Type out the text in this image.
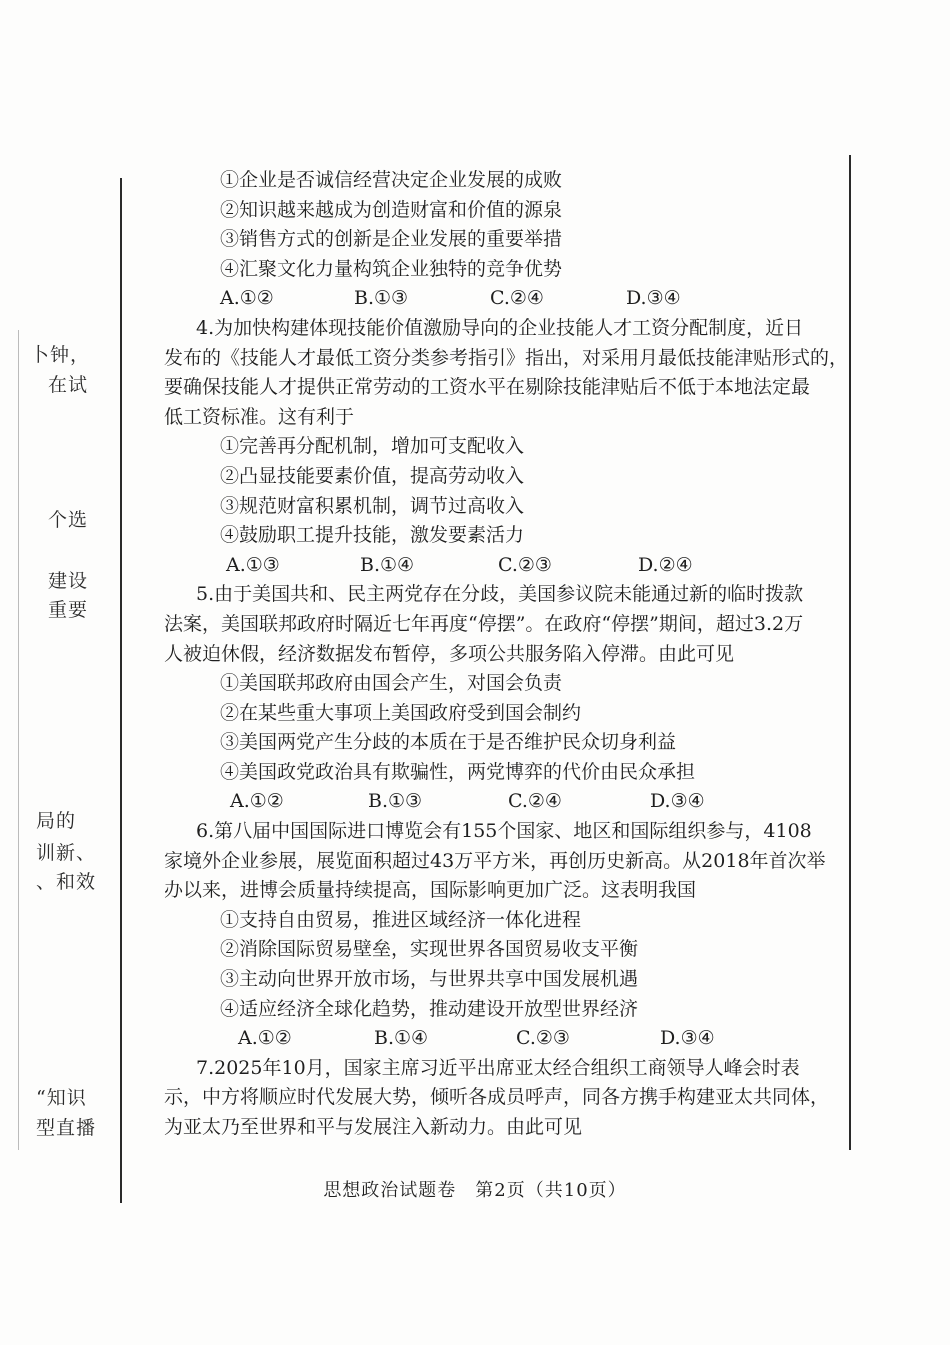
卜钟，
在试
个选
建设
重要
局的
训新、
、和效
“知识
型直播
①企业是否诚信经营决定企业发展的成败
②知识越来越成为创造财富和价值的源泉
③销售方式的创新是企业发展的重要举措
④汇聚文化力量构筑企业独特的竞争优势
A.①②	B.①③	C.②④	D.③④
4.为加快构建体现技能价值激励导向的企业技能人才工资分配制度，近日
发布的《技能人才最低工资分类参考指引》指出，对采用月最低技能津贴形式的，
要确保技能人才提供正常劳动的工资水平在剔除技能津贴后不低于本地法定最
低工资标准。这有利于
①完善再分配机制，增加可支配收入
②凸显技能要素价值，提高劳动收入
③规范财富积累机制，调节过高收入
④鼓励职工提升技能，激发要素活力
A.①③	B.①④	C.②③	D.②④
5.由于美国共和、民主两党存在分歧，美国参议院未能通过新的临时拨款
法案，美国联邦政府时隔近七年再度“停摆”。在政府“停摆”期间，超过3.2万
人被迫休假，经济数据发布暂停，多项公共服务陷入停滞。由此可见
①美国联邦政府由国会产生，对国会负责
②在某些重大事项上美国政府受到国会制约
③美国两党产生分歧的本质在于是否维护民众切身利益
④美国政党政治具有欺骗性，两党博弈的代价由民众承担
A.①②	B.①③	C.②④	D.③④
6.第八届中国国际进口博览会有155个国家、地区和国际组织参与，4108
家境外企业参展，展览面积超过43万平方米，再创历史新高。从2018年首次举
办以来，进博会质量持续提高，国际影响更加广泛。这表明我国
①支持自由贸易，推进区域经济一体化进程
②消除国际贸易壁垒，实现世界各国贸易收支平衡
③主动向世界开放市场，与世界共享中国发展机遇
④适应经济全球化趋势，推动建设开放型世界经济
A.①②	B.①④	C.②③	D.③④
7.2025年10月，国家主席习近平出席亚太经合组织工商领导人峰会时表
示，中方将顺应时代发展大势，倾听各成员呼声，同各方携手构建亚太共同体，
为亚太乃至世界和平与发展注入新动力。由此可见
思想政治试题卷　第2页（共10页）
